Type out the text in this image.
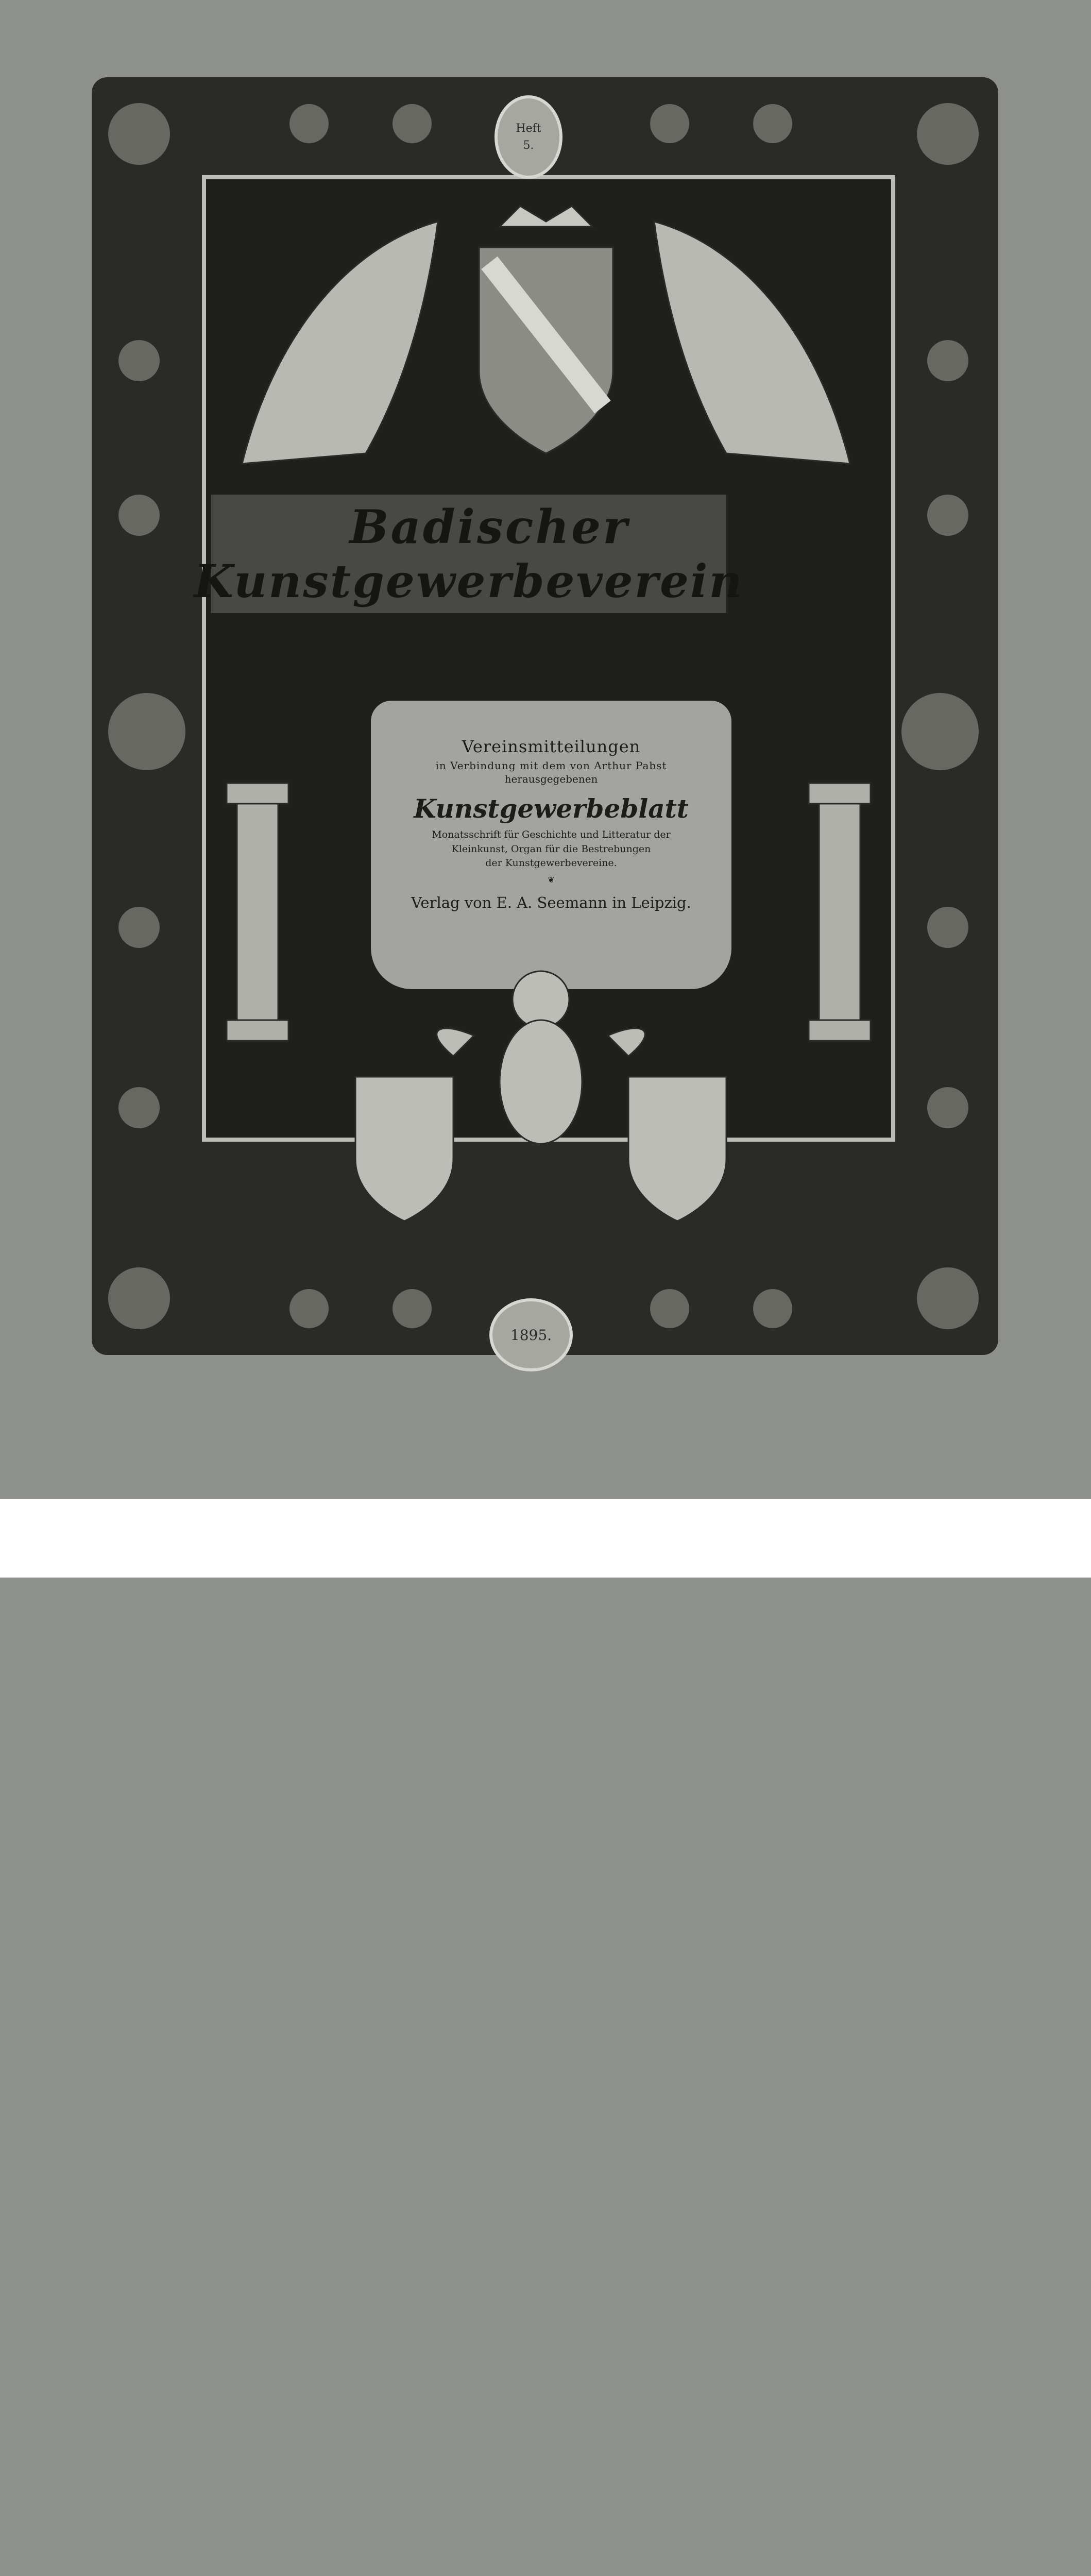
Heft
5.
Badischer
Kunstgewerbeverein
Vereinsmitteilungen
in Verbindung mit dem von Arthur Pabst
herausgegebenen
Kunstgewerbeblatt
Monatsschrift für Geschichte und Litteratur der
Kleinkunst, Organ für die Bestrebungen
der Kunstgewerbevereine.
❦
Verlag von E. A. Seemann in Leipzig.
1895.
